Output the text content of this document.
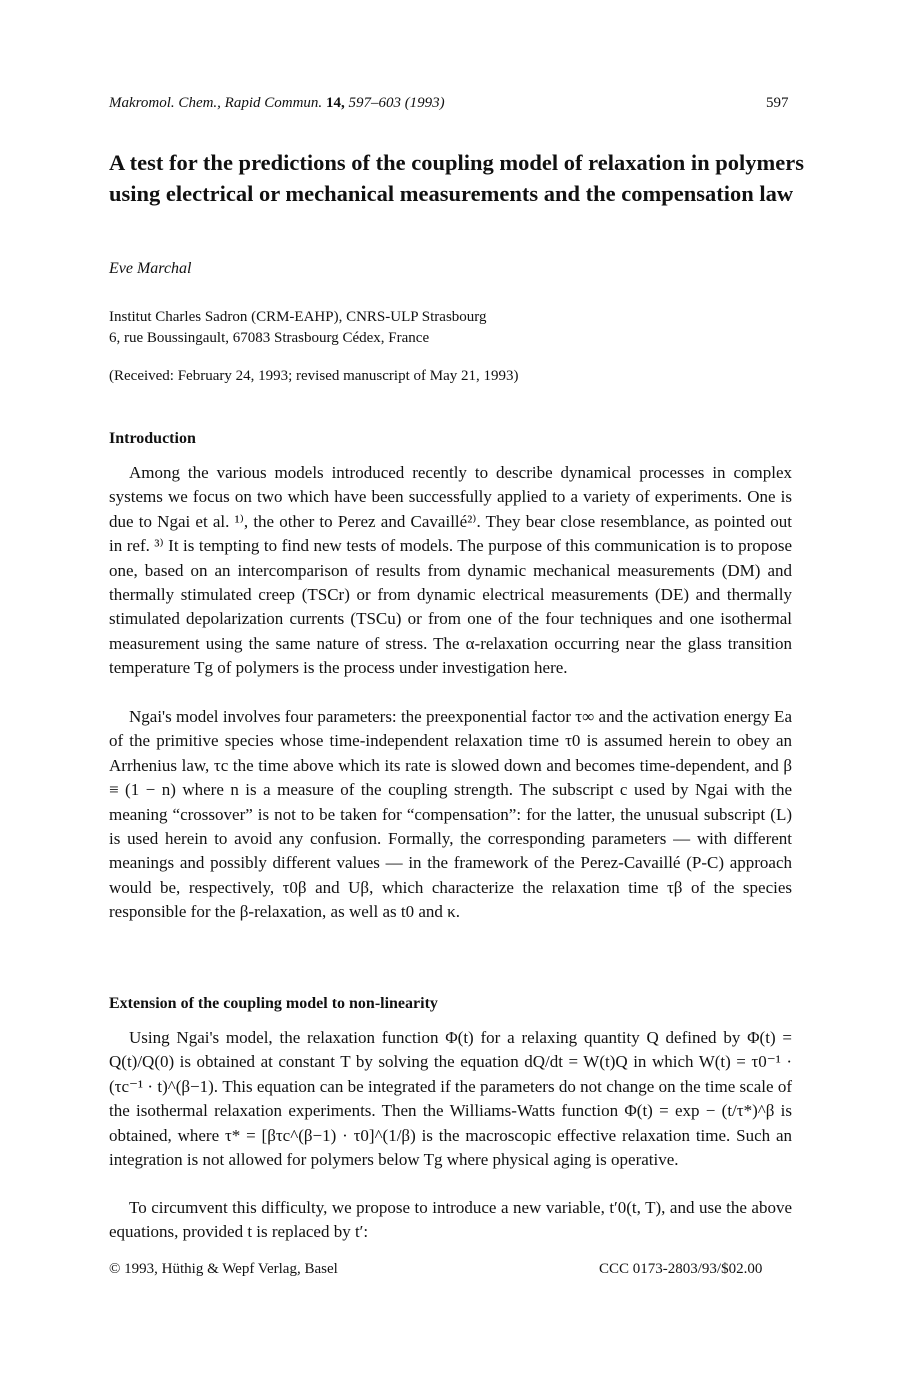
Makromol. Chem., Rapid Commun. 14, 597–603 (1993)	597
A test for the predictions of the coupling model of relaxation in polymers using electrical or mechanical measurements and the compensation law
Eve Marchal
Institut Charles Sadron (CRM-EAHP), CNRS-ULP Strasbourg
6, rue Boussingault, 67083 Strasbourg Cédex, France
(Received: February 24, 1993; revised manuscript of May 21, 1993)
Introduction

Among the various models introduced recently to describe dynamical processes in complex systems we focus on two which have been successfully applied to a variety of experiments. One is due to Ngai et al. ¹⁾, the other to Perez and Cavaillé²⁾. They bear close resemblance, as pointed out in ref. ³⁾ It is tempting to find new tests of models. The purpose of this communication is to propose one, based on an intercomparison of results from dynamic mechanical measurements (DM) and thermally stimulated creep (TSCr) or from dynamic electrical measurements (DE) and thermally stimulated depolarization currents (TSCu) or from one of the four techniques and one isothermal measurement using the same nature of stress. The α-relaxation occurring near the glass transition temperature Tg of polymers is the process under investigation here.

Ngai's model involves four parameters: the preexponential factor τ∞ and the activation energy Ea of the primitive species whose time-independent relaxation time τ0 is assumed herein to obey an Arrhenius law, τc the time above which its rate is slowed down and becomes time-dependent, and β ≡ (1 − n) where n is a measure of the coupling strength. The subscript c used by Ngai with the meaning “crossover” is not to be taken for “compensation”: for the latter, the unusual subscript (L) is used herein to avoid any confusion. Formally, the corresponding parameters — with different meanings and possibly different values — in the framework of the Perez-Cavaillé (P-C) approach would be, respectively, τ0β and Uβ, which characterize the relaxation time τβ of the species responsible for the β-relaxation, as well as t0 and κ.

Extension of the coupling model to non-linearity

Using Ngai's model, the relaxation function Φ(t) for a relaxing quantity Q defined by Φ(t) = Q(t)/Q(0) is obtained at constant T by solving the equation dQ/dt = W(t)Q in which W(t) = τ0⁻¹ · (τc⁻¹ · t)^(β−1). This equation can be integrated if the parameters do not change on the time scale of the isothermal relaxation experiments. Then the Williams-Watts function Φ(t) = exp − (t/τ*)^β is obtained, where τ* = [βτc^(β−1) · τ0]^(1/β) is the macroscopic effective relaxation time. Such an integration is not allowed for polymers below Tg where physical aging is operative.

To circumvent this difficulty, we propose to introduce a new variable, t′0(t, T), and use the above equations, provided t is replaced by t′:

© 1993, Hüthig & Wepf Verlag, Basel	CCC 0173-2803/93/$02.00
